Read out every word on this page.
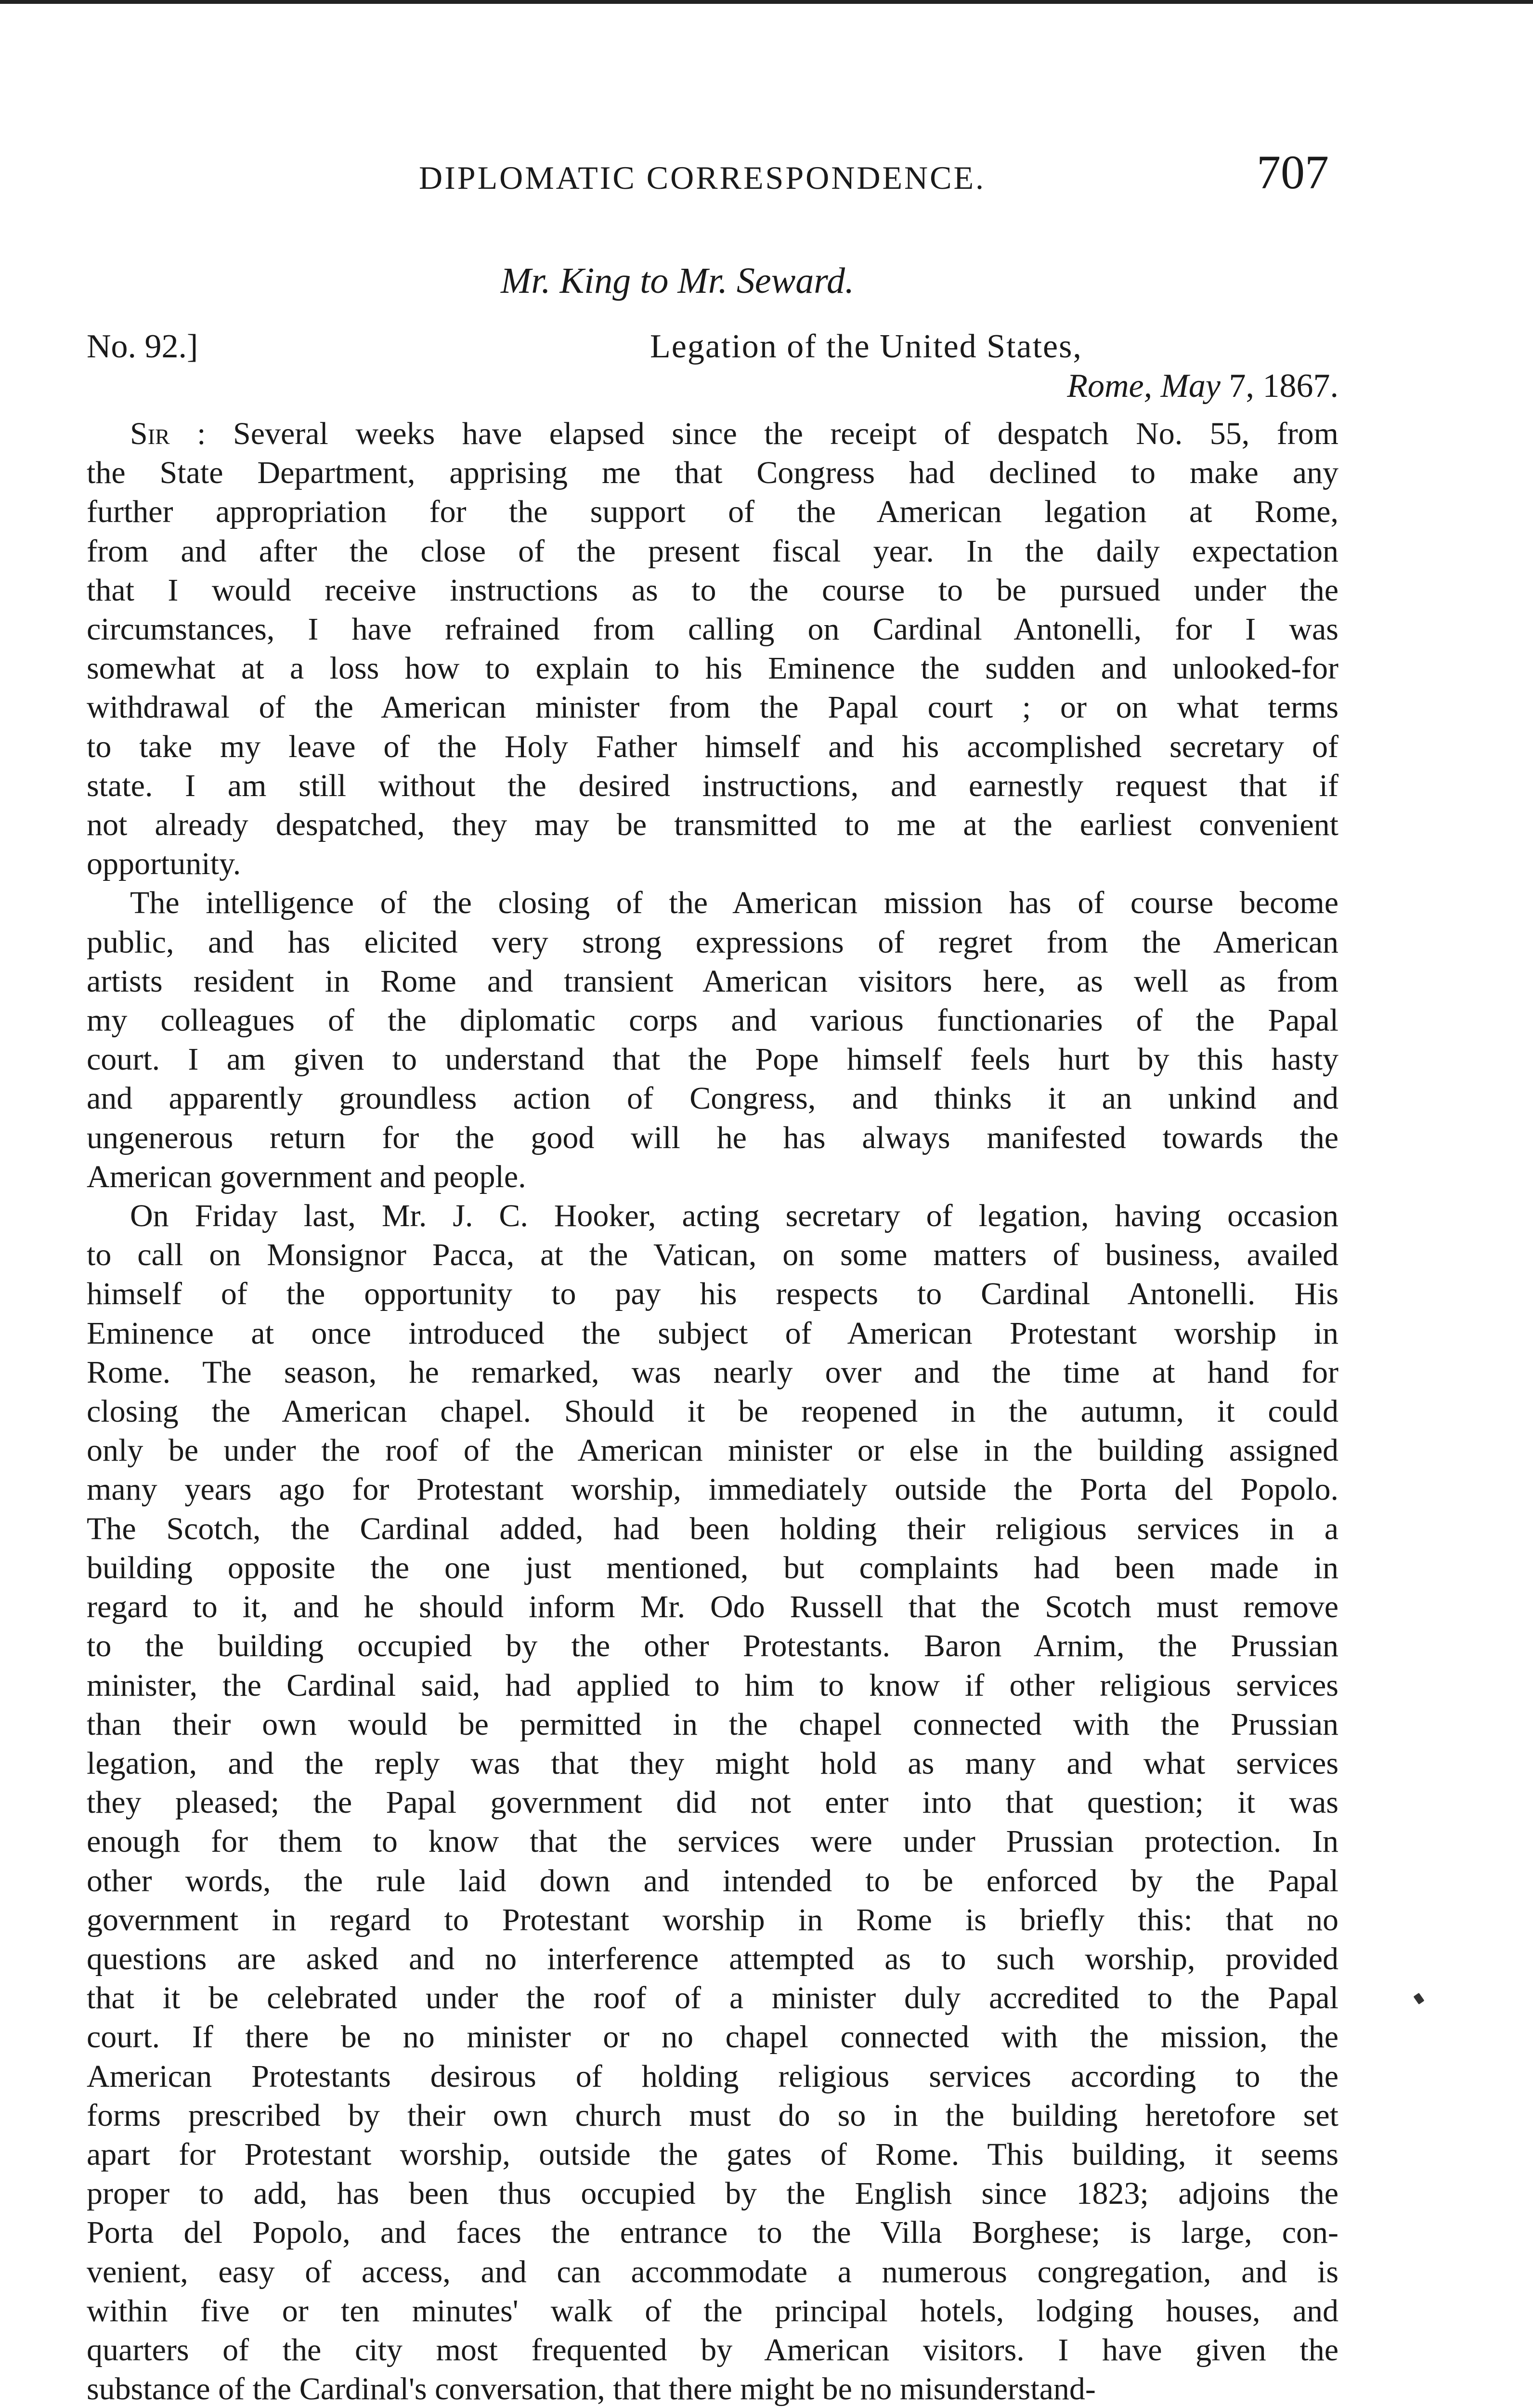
DIPLOMATIC CORRESPONDENCE.	707
Mr. King to Mr. Seward.
No. 92.]	Legation of the United States,
Rome, May 7, 1867.
Sir : Several weeks have elapsed since the receipt of despatch No. 55, from
the State Department, apprising me that Congress had declined to make any
further appropriation for the support of the American legation at Rome,
from and after the close of the present fiscal year. In the daily expectation
that I would receive instructions as to the course to be pursued under the
circumstances, I have refrained from calling on Cardinal Antonelli, for I was
somewhat at a loss how to explain to his Eminence the sudden and unlooked-for
withdrawal of the American minister from the Papal court ; or on what terms
to take my leave of the Holy Father himself and his accomplished secretary of
state. I am still without the desired instructions, and earnestly request that if
not already despatched, they may be transmitted to me at the earliest convenient
opportunity.
The intelligence of the closing of the American mission has of course become
public, and has elicited very strong expressions of regret from the American
artists resident in Rome and transient American visitors here, as well as from
my colleagues of the diplomatic corps and various functionaries of the Papal
court. I am given to understand that the Pope himself feels hurt by this hasty
and apparently groundless action of Congress, and thinks it an unkind and
ungenerous return for the good will he has always manifested towards the
American government and people.
On Friday last, Mr. J. C. Hooker, acting secretary of legation, having occasion
to call on Monsignor Pacca, at the Vatican, on some matters of business, availed
himself of the opportunity to pay his respects to Cardinal Antonelli. His
Eminence at once introduced the subject of American Protestant worship in
Rome. The season, he remarked, was nearly over and the time at hand for
closing the American chapel. Should it be reopened in the autumn, it could
only be under the roof of the American minister or else in the building assigned
many years ago for Protestant worship, immediately outside the Porta del Popolo.
The Scotch, the Cardinal added, had been holding their religious services in a
building opposite the one just mentioned, but complaints had been made in
regard to it, and he should inform Mr. Odo Russell that the Scotch must remove
to the building occupied by the other Protestants. Baron Arnim, the Prussian
minister, the Cardinal said, had applied to him to know if other religious services
than their own would be permitted in the chapel connected with the Prussian
legation, and the reply was that they might hold as many and what services
they pleased; the Papal government did not enter into that question; it was
enough for them to know that the services were under Prussian protection. In
other words, the rule laid down and intended to be enforced by the Papal
government in regard to Protestant worship in Rome is briefly this: that no
questions are asked and no interference attempted as to such worship, provided
that it be celebrated under the roof of a minister duly accredited to the Papal
court. If there be no minister or no chapel connected with the mission, the
American Protestants desirous of holding religious services according to the
forms prescribed by their own church must do so in the building heretofore set
apart for Protestant worship, outside the gates of Rome. This building, it seems
proper to add, has been thus occupied by the English since 1823; adjoins the
Porta del Popolo, and faces the entrance to the Villa Borghese; is large, con-
venient, easy of access, and can accommodate a numerous congregation, and is
within five or ten minutes' walk of the principal hotels, lodging houses, and
quarters of the city most frequented by American visitors. I have given the
substance of the Cardinal's conversation, that there might be no misunderstand-
